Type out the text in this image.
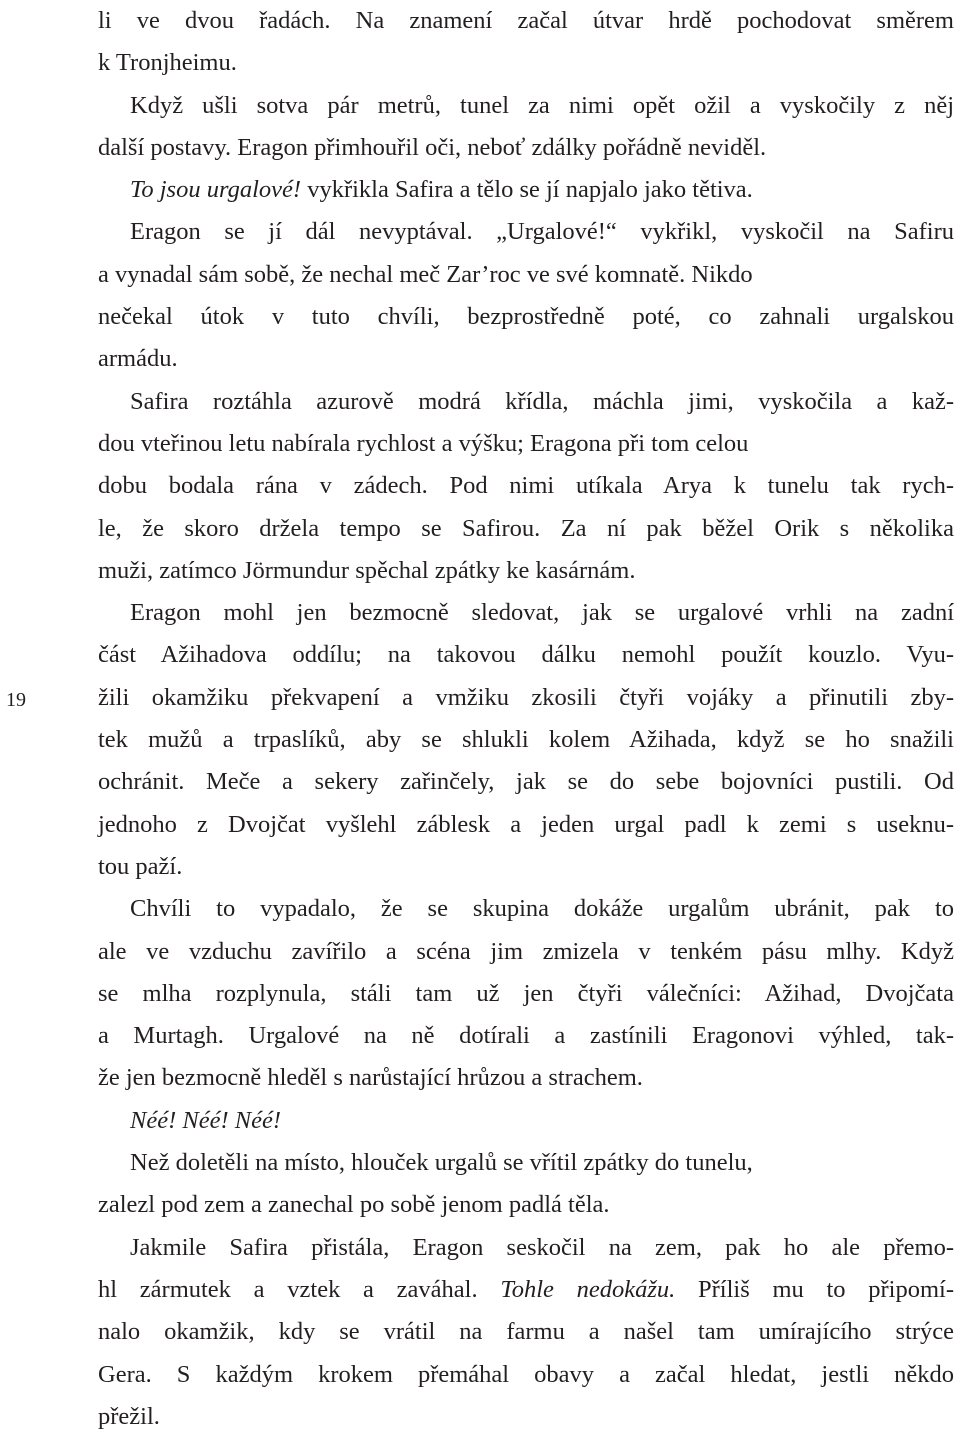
19
li ve dvou řadách. Na znamení začal útvar hrdě pochodovat směrem
k Tronjheimu.
Když ušli sotva pár metrů, tunel za nimi opět ožil a vyskočily z něj
další postavy. Eragon přimhouřil oči, neboť zdálky pořádně neviděl.
To jsou urgalové! vykřikla Safira a tělo se jí napjalo jako tětiva.
Eragon se jí dál nevyptával. „Urgalové!“ vykřikl, vyskočil na Safiru
a vynadal sám sobě, že nechal meč Zar’roc ve své komnatě. Nikdo
nečekal útok v tuto chvíli, bezprostředně poté, co zahnali urgalskou
armádu.
Safira roztáhla azurově modrá křídla, máchla jimi, vyskočila a kaž-
dou vteřinou letu nabírala rychlost a výšku; Eragona při tom celou
dobu bodala rána v zádech. Pod nimi utíkala Arya k tunelu tak rych-
le, že skoro držela tempo se Safirou. Za ní pak běžel Orik s několika
muži, zatímco Jörmundur spěchal zpátky ke kasárnám.
Eragon mohl jen bezmocně sledovat, jak se urgalové vrhli na zadní
část Ažihadova oddílu; na takovou dálku nemohl použít kouzlo. Vyu-
žili okamžiku překvapení a vmžiku zkosili čtyři vojáky a přinutili zby-
tek mužů a trpaslíků, aby se shlukli kolem Ažihada, když se ho snažili
ochránit. Meče a sekery zařinčely, jak se do sebe bojovníci pustili. Od
jednoho z Dvojčat vyšlehl záblesk a jeden urgal padl k zemi s useknu-
tou paží.
Chvíli to vypadalo, že se skupina dokáže urgalům ubránit, pak to
ale ve vzduchu zavířilo a scéna jim zmizela v tenkém pásu mlhy. Když
se mlha rozplynula, stáli tam už jen čtyři válečníci: Ažihad, Dvojčata
a Murtagh. Urgalové na ně dotírali a zastínili Eragonovi výhled, tak-
že jen bezmocně hleděl s narůstající hrůzou a strachem.
Néé! Néé! Néé!
Než doletěli na místo, hlouček urgalů se vřítil zpátky do tunelu,
zalezl pod zem a zanechal po sobě jenom padlá těla.
Jakmile Safira přistála, Eragon seskočil na zem, pak ho ale přemo-
hl zármutek a vztek a zaváhal. Tohle nedokážu. Příliš mu to připomí-
nalo okamžik, kdy se vrátil na farmu a našel tam umírajícího strýce
Gera. S každým krokem přemáhal obavy a začal hledat, jestli někdo
přežil.
